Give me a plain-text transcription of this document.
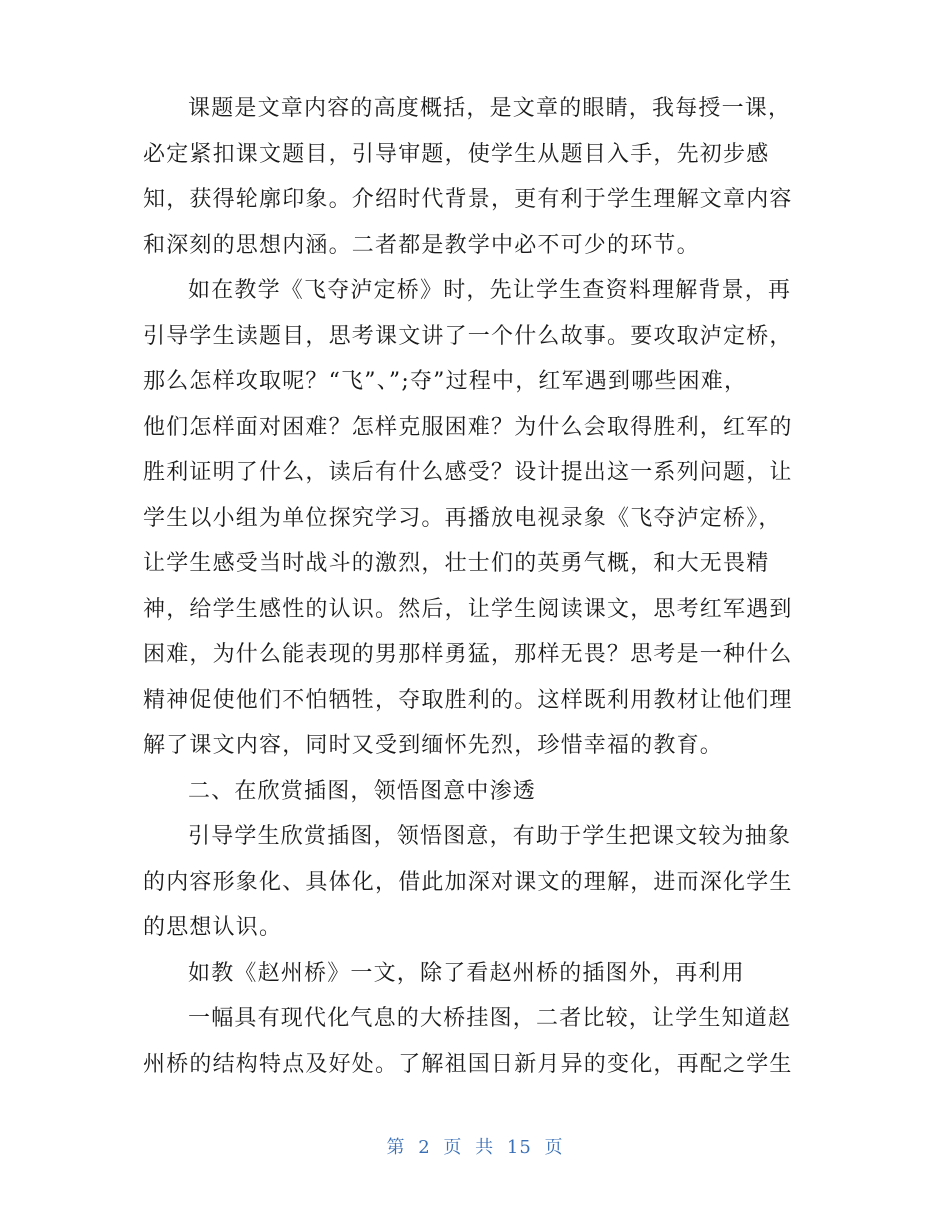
课题是文章内容的高度概括，是文章的眼睛，我每授一课，
必定紧扣课文题目，引导审题，使学生从题目入手，先初步感
知，获得轮廓印象。介绍时代背景，更有利于学生理解文章内容
和深刻的思想内涵。二者都是教学中必不可少的环节。
如在教学《飞夺泸定桥》时，先让学生查资料理解背景，再
引导学生读题目，思考课文讲了一个什么故事。要攻取泸定桥，
那么怎样攻取呢？“飞”、”;夺”过程中，红军遇到哪些困难，
他们怎样面对困难？怎样克服困难？为什么会取得胜利，红军的
胜利证明了什么，读后有什么感受？设计提出这一系列问题，让
学生以小组为单位探究学习。再播放电视录象《飞夺泸定桥》，
让学生感受当时战斗的激烈，壮士们的英勇气概，和大无畏精
神，给学生感性的认识。然后，让学生阅读课文，思考红军遇到
困难，为什么能表现的男那样勇猛，那样无畏？思考是一种什么
精神促使他们不怕牺牲，夺取胜利的。这样既利用教材让他们理
解了课文内容，同时又受到缅怀先烈，珍惜幸福的教育。
二、在欣赏插图，领悟图意中渗透
引导学生欣赏插图，领悟图意，有助于学生把课文较为抽象
的内容形象化、具体化，借此加深对课文的理解，进而深化学生
的思想认识。
如教《赵州桥》一文，除了看赵州桥的插图外，再利用
一幅具有现代化气息的大桥挂图，二者比较，让学生知道赵
州桥的结构特点及好处。了解祖国日新月异的变化，再配之学生
第 2 页 共 15 页
